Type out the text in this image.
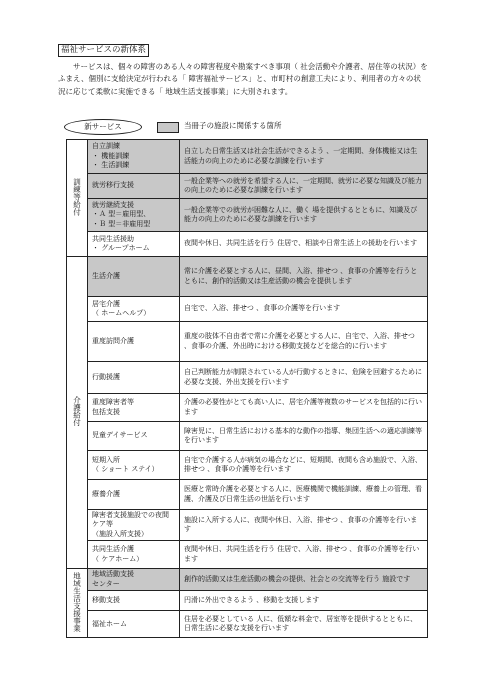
福祉サービスの新体系

サービスは、個々の障害のある人々の障害程度や勘案すべき事項（ 社会活動や介護者、居住等の状況）をふまえ、個別に支給決定が行われる「 障害福祉サービス」と、市町村の創意工夫により、利用者の方々の状況に応じて柔軟に実施できる「 地域生活支援事業」に大別されます。

新サービス	当冊子の施設に関係する箇所
訓練等給付	自立訓練
・ 機能訓練
・ 生活訓練	自立した日常生活又は社会生活ができるよう 、一定期間、身体機能又は生活能力の向上のために必要な訓練を行います
	就労移行支援	一般企業等への就労を希望する人に、一定期間、就労に必要な知識及び能力の向上のために必要な訓練を行います
	就労継続支援
・Ａ 型＝雇用型、
・Ｂ 型＝非雇用型	一般企業等での就労が困難な人に、働く 場を提供するとともに、知識及び能力の向上のために必要な訓練を行います
	共同生活援助
・ グループホーム	夜間や休日、共同生活を行う 住居で、相談や日常生活上の援助を行います
介護給付	生活介護	常に介護を必要とする人に、昼間、入浴、排せつ 、食事の介護等を行うとともに、創作的活動又は生産活動の機会を提供します
	居宅介護
（ ホームヘルプ）	自宅で、入浴、排せつ 、食事の介護等を行います
	重度訪問介護	重度の肢体不自由者で常に介護を必要とする人に、自宅で、入浴、排せつ 、食事の介護、外出時における移動支援などを総合的に行います
	行動援護	自己判断能力が制限されている人が行動するときに、危険を回避するために必要な支援、外出支援を行います
	重度障害者等
包括支援	介護の必要性がとても高い人に、居宅介護等複数のサービスを包括的に行います
	児童デイサービス	障害児に、日常生活における基本的な動作の指導、集団生活への適応訓練等を行います
	短期入所
（ ショート ステイ）	自宅で介護する人が病気の場合などに、短期間、夜間も含め施設で、入浴、排せつ 、食事の介護等を行います
	療養介護	医療と常時介護を必要とする人に、医療機関で機能訓練、療養上の管理、看護、介護及び日常生活の世話を行います
	障害者支援施設での夜間ケア等
（施設入所支援）	施設に入所する人に、夜間や休日、入浴、排せつ 、食事の介護等を行います
	共同生活介護
（ ケアホーム）	夜間や休日、共同生活を行う 住居で、入浴、排せつ 、食事の介護等を行います
地域生活支援事業	地域活動支援
センター	創作的活動又は生産活動の機会の提供、社会との交流等を行う 施設です
	移動支援	円滑に外出できるよう 、移動を支援します
	福祉ホーム	住居を必要としている 人に、低額な料金で、居室等を提供するとともに、日常生活に必要な支援を行います
